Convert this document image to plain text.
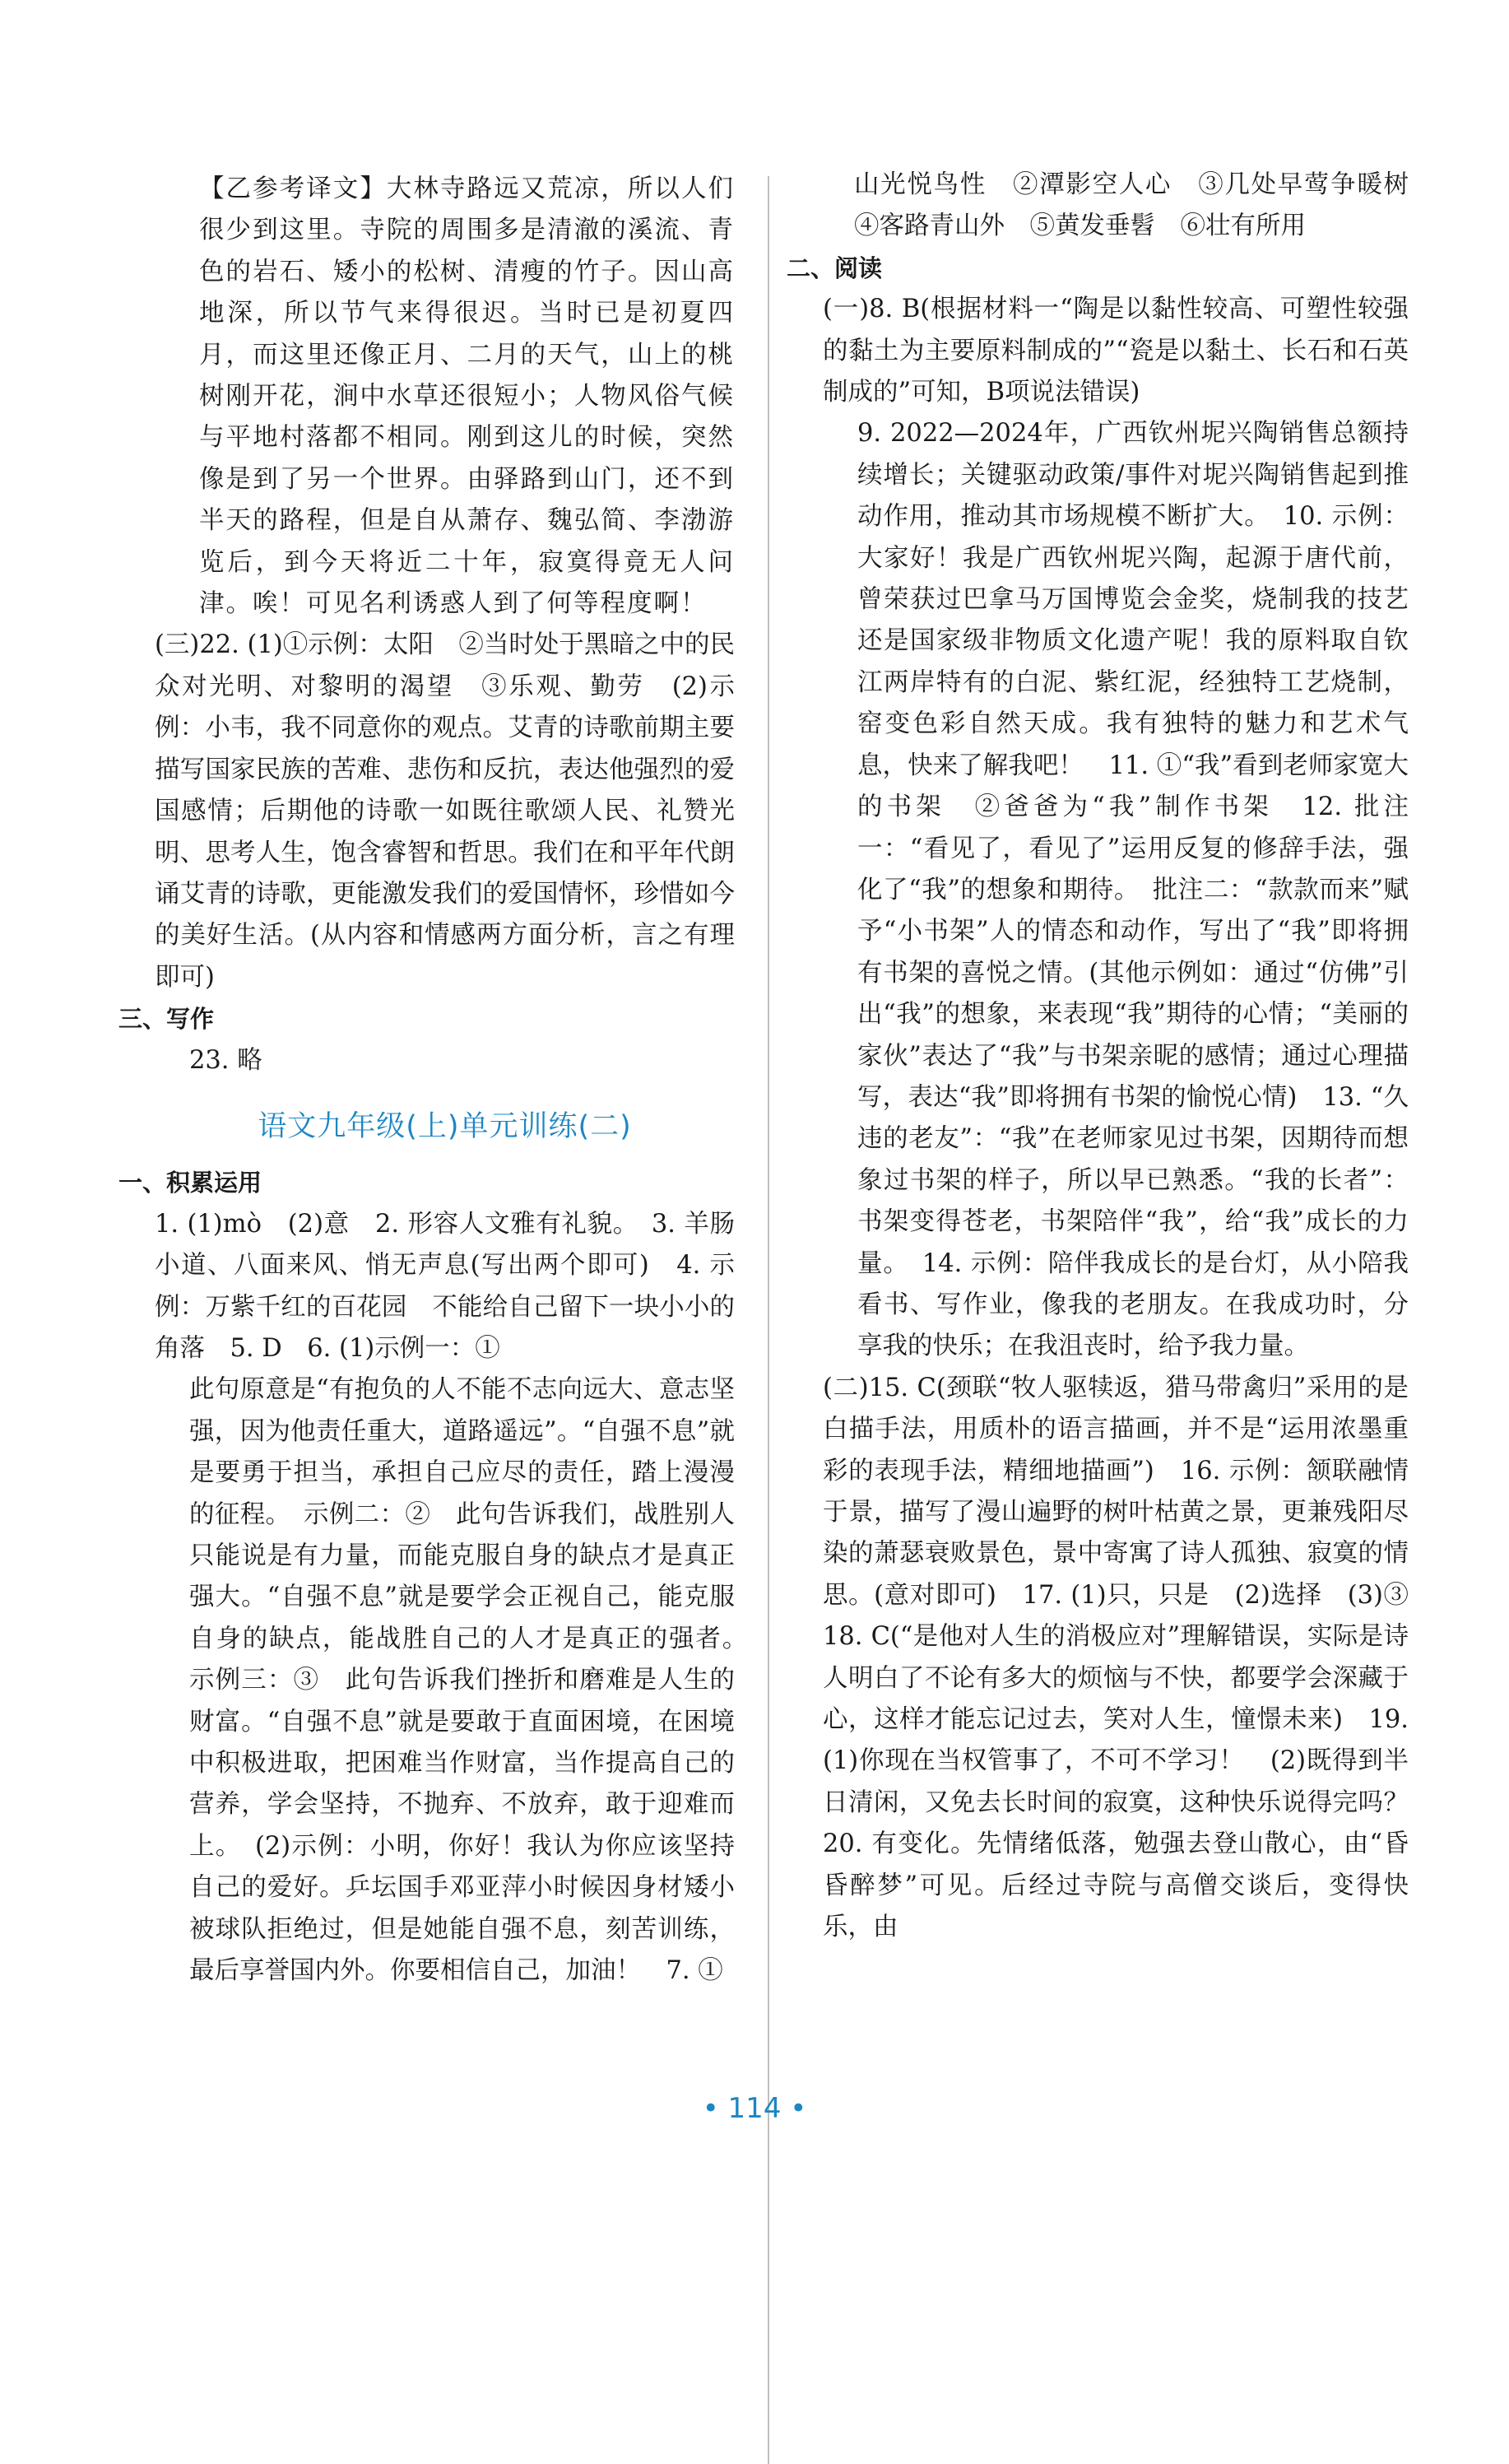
【乙参考译文】大林寺路远又荒凉，所以人们很少到这里。寺院的周围多是清澈的溪流、青色的岩石、矮小的松树、清瘦的竹子。因山高地深，所以节气来得很迟。当时已是初夏四月，而这里还像正月、二月的天气，山上的桃树刚开花，涧中水草还很短小；人物风俗气候与平地村落都不相同。刚到这儿的时候，突然像是到了另一个世界。由驿路到山门，还不到半天的路程，但是自从萧存、魏弘简、李渤游览后，到今天将近二十年，寂寞得竟无人问津。唉！可见名利诱惑人到了何等程度啊！

(三)22. (1)①示例：太阳　②当时处于黑暗之中的民众对光明、对黎明的渴望　③乐观、勤劳　(2)示例：小韦，我不同意你的观点。艾青的诗歌前期主要描写国家民族的苦难、悲伤和反抗，表达他强烈的爱国感情；后期他的诗歌一如既往歌颂人民、礼赞光明、思考人生，饱含睿智和哲思。我们在和平年代朗诵艾青的诗歌，更能激发我们的爱国情怀，珍惜如今的美好生活。(从内容和情感两方面分析，言之有理即可)

三、写作

23. 略

语文九年级(上)单元训练(二)

一、积累运用

1. (1)mò　(2)意　2. 形容人文雅有礼貌。　3. 羊肠小道、八面来风、悄无声息(写出两个即可)　4. 示例：万紫千红的百花园　不能给自己留下一块小小的角落　5. D　6. (1)示例一：①

此句原意是“有抱负的人不能不志向远大、意志坚强，因为他责任重大，道路遥远”。“自强不息”就是要勇于担当，承担自己应尽的责任，踏上漫漫的征程。　示例二：②　此句告诉我们，战胜别人只能说是有力量，而能克服自身的缺点才是真正强大。“自强不息”就是要学会正视自己，能克服自身的缺点，能战胜自己的人才是真正的强者。　示例三：③　此句告诉我们挫折和磨难是人生的财富。“自强不息”就是要敢于直面困境，在困境中积极进取，把困难当作财富，当作提高自己的营养，学会坚持，不抛弃、不放弃，敢于迎难而上。　(2)示例：小明，你好！我认为你应该坚持自己的爱好。乒坛国手邓亚萍小时候因身材矮小被球队拒绝过，但是她能自强不息，刻苦训练，最后享誉国内外。你要相信自己，加油！　7. ①

山光悦鸟性　②潭影空人心　③几处早莺争暖树　④客路青山外　⑤黄发垂髫　⑥壮有所用

二、阅读

(一)8. B(根据材料一“陶是以黏性较高、可塑性较强的黏土为主要原料制成的”“瓷是以黏土、长石和石英制成的”可知，B项说法错误)

9. 2022—2024年，广西钦州坭兴陶销售总额持续增长；关键驱动政策/事件对坭兴陶销售起到推动作用，推动其市场规模不断扩大。　10. 示例：大家好！我是广西钦州坭兴陶，起源于唐代前，曾荣获过巴拿马万国博览会金奖，烧制我的技艺还是国家级非物质文化遗产呢！我的原料取自钦江两岸特有的白泥、紫红泥，经独特工艺烧制，窑变色彩自然天成。我有独特的魅力和艺术气息，快来了解我吧！　11. ①“我”看到老师家宽大的书架　②爸爸为“我”制作书架　12. 批注一：“看见了，看见了”运用反复的修辞手法，强化了“我”的想象和期待。　批注二：“款款而来”赋予“小书架”人的情态和动作，写出了“我”即将拥有书架的喜悦之情。(其他示例如：通过“仿佛”引出“我”的想象，来表现“我”期待的心情；“美丽的家伙”表达了“我”与书架亲昵的感情；通过心理描写，表达“我”即将拥有书架的愉悦心情)　13. “久违的老友”：“我”在老师家见过书架，因期待而想象过书架的样子，所以早已熟悉。“我的长者”：书架变得苍老，书架陪伴“我”，给“我”成长的力量。　14. 示例：陪伴我成长的是台灯，从小陪我看书、写作业，像我的老朋友。在我成功时，分享我的快乐；在我沮丧时，给予我力量。

(二)15. C(颈联“牧人驱犊返，猎马带禽归”采用的是白描手法，用质朴的语言描画，并不是“运用浓墨重彩的表现手法，精细地描画”)　16. 示例：颔联融情于景，描写了漫山遍野的树叶枯黄之景，更兼残阳尽染的萧瑟衰败景色，景中寄寓了诗人孤独、寂寞的情思。(意对即可)　17. (1)只，只是　(2)选择　(3)③　18. C(“是他对人生的消极应对”理解错误，实际是诗人明白了不论有多大的烦恼与不快，都要学会深藏于心，这样才能忘记过去，笑对人生，憧憬未来)　19. (1)你现在当权管事了，不可不学习！　(2)既得到半日清闲，又免去长时间的寂寞，这种快乐说得完吗？　20. 有变化。先情绪低落，勉强去登山散心，由“昏昏醉梦”可见。后经过寺院与高僧交谈后，变得快乐，由

• 114 •
